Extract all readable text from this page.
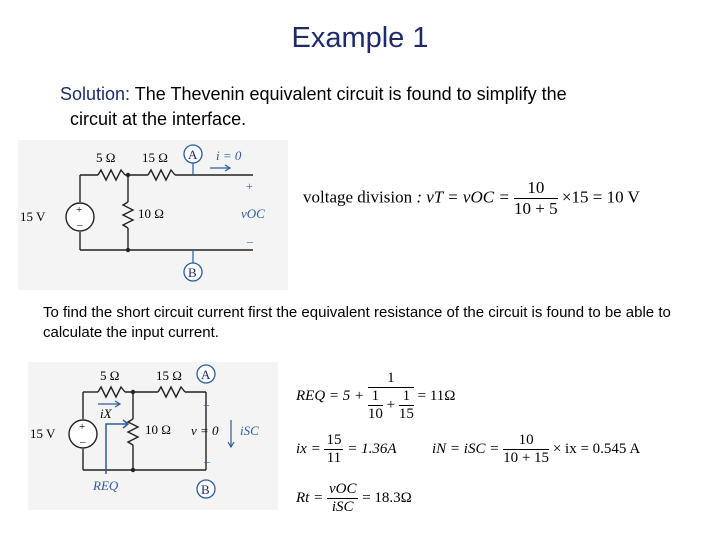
Example 1
Solution: The Thevenin equivalent circuit is found to simplify the
circuit at the interface.
+
–
15 V
5 Ω 15 Ω
10 Ω
A
B
i = 0
+
vOC
–
voltage division : vT = vOC = $\frac{10}{10 + 5} \times 15 = 10$ V
To find the short circuit current first the equivalent resistance of the circuit is found to be able to calculate the input current.
+
–
15 V
5 Ω	15 Ω
10 Ω
iX
REQ
A
B
+
v = 0
–
iSC
REQ = $5 + \frac{1}{\frac{1}{10} + \frac{1}{15}} = 11\Omega$
ix = $\frac{15}{11} = 1.36A$ iN = iSC = $\frac{10}{10 + 15}$ × ix = 0.545 A
$Rt = \frac{\text{vOC}}{\text{iSC}} = 18.3\Omega$
